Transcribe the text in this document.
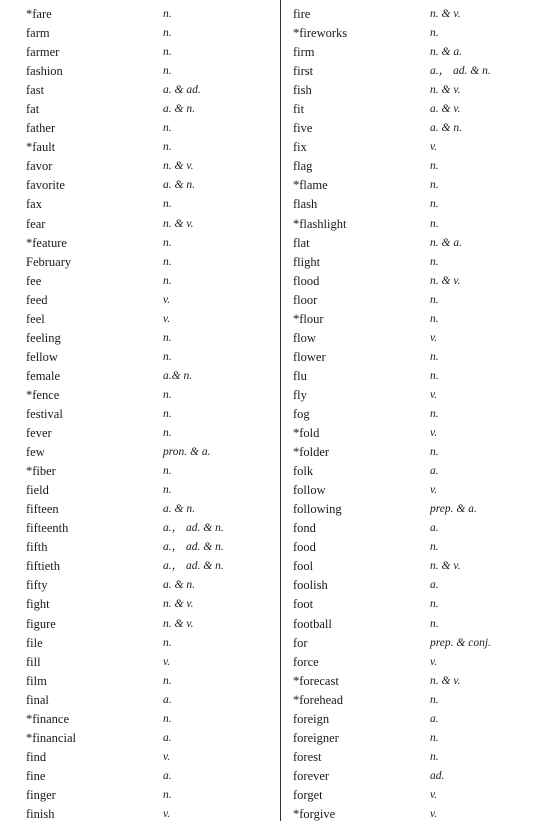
*fare	n.
farm	n.
farmer	n.
fashion	n.
fast	a. & ad.
fat	a. & n.
father	n.
*fault	n.
favor	n. & v.
favorite	a. & n.
fax	n.
fear	n. & v.
*feature	n.
February	n.
fee	n.
feed	v.
feel	v.
feeling	n.
fellow	n.
female	a.& n.
*fence	n.
festival	n.
fever	n.
few	pron. & a.
*fiber	n.
field	n.
fifteen	a. & n.
fifteenth	a.， ad. & n.
fifth	a.， ad. & n.
fiftieth	a.， ad. & n.
fifty	a. & n.
fight	n. & v.
figure	n. & v.
file	n.
fill	v.
film	n.
final	a.
*finance	n.
*financial	a.
find	v.
fine	a.
finger	n.
finish	v.
fire	n. & v.
*fireworks	n.
firm	n. & a.
first	a.， ad. & n.
fish	n. & v.
fit	a. & v.
five	a. & n.
fix	v.
flag	n.
*flame	n.
flash	n.
*flashlight	n.
flat	n. & a.
flight	n.
flood	n. & v.
floor	n.
*flour	n.
flow	v.
flower	n.
flu	n.
fly	v.
fog	n.
*fold	v.
*folder	n.
folk	a.
follow	v.
following	prep. & a.
fond	a.
food	n.
fool	n. & v.
foolish	a.
foot	n.
football	n.
for	prep. & conj.
force	v.
*forecast	n. & v.
*forehead	n.
foreign	a.
foreigner	n.
forest	n.
forever	ad.
forget	v.
*forgive	v.
